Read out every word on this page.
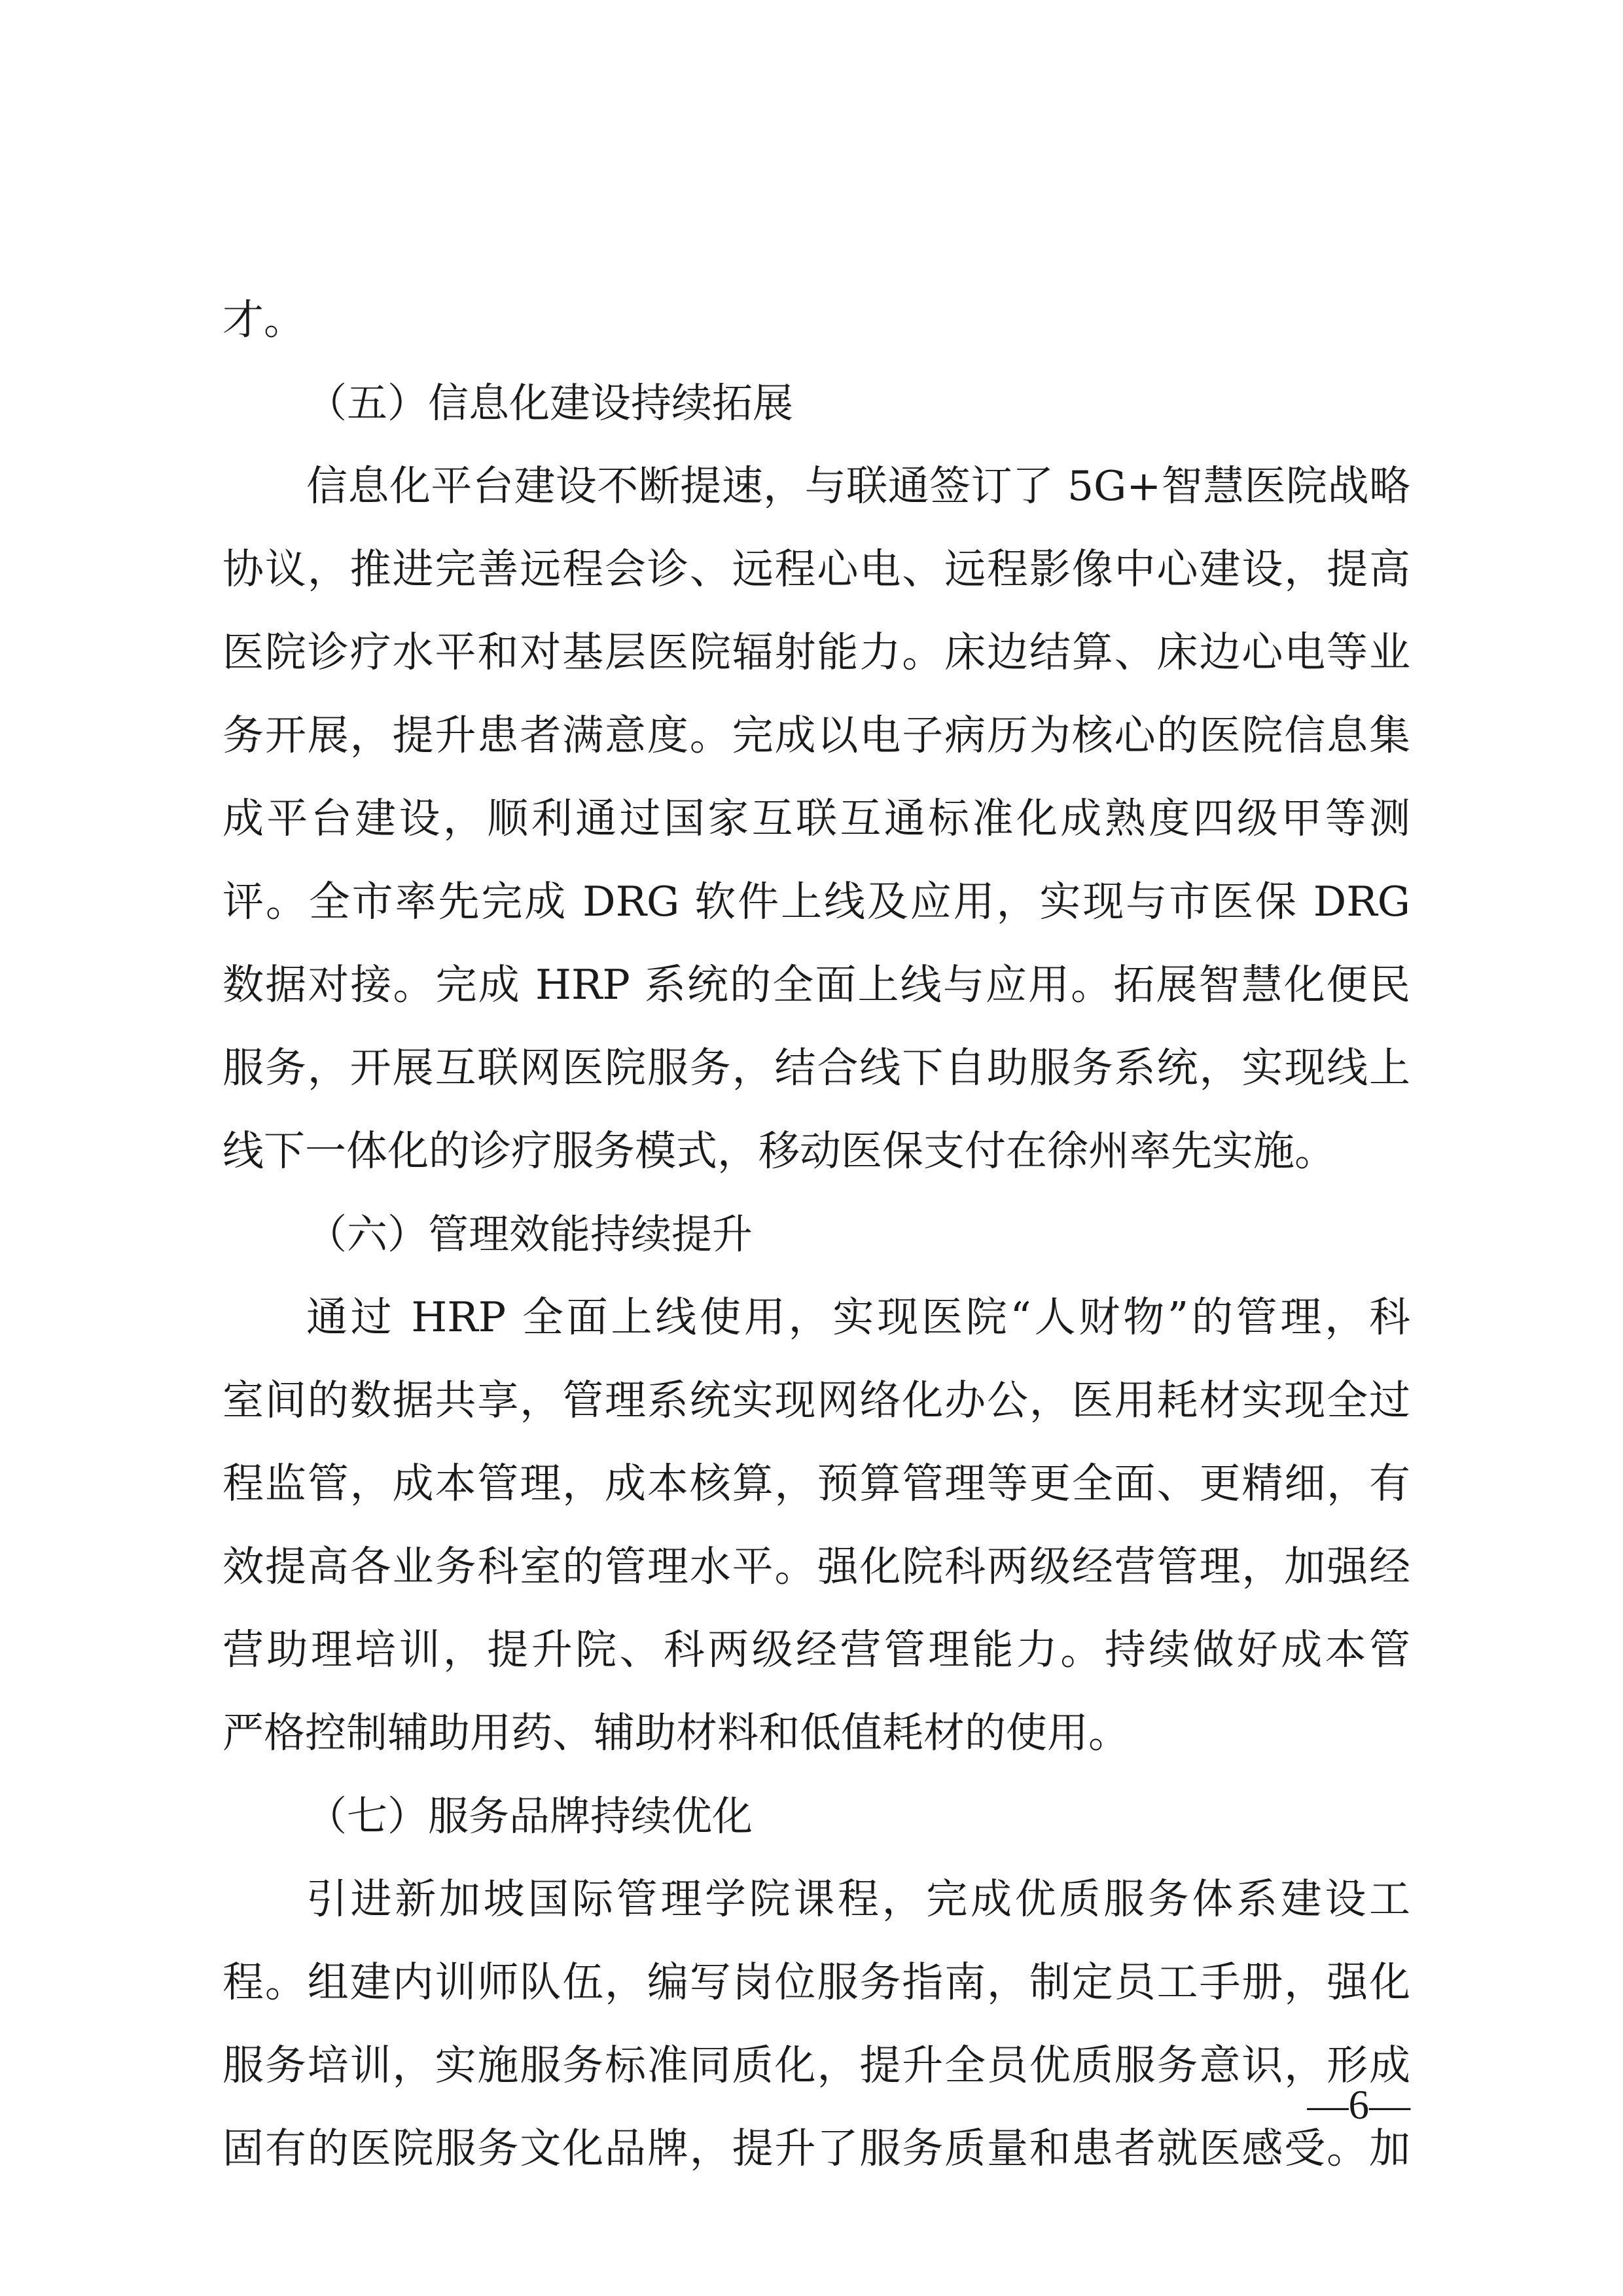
才。
（五）信息化建设持续拓展
信息化平台建设不断提速，与联通签订了 5G+智慧医院战略
协议，推进完善远程会诊、远程心电、远程影像中心建设，提高
医院诊疗水平和对基层医院辐射能力。床边结算、床边心电等业
务开展，提升患者满意度。完成以电子病历为核心的医院信息集
成平台建设，顺利通过国家互联互通标准化成熟度四级甲等测
评。全市率先完成 DRG 软件上线及应用，实现与市医保 DRG
数据对接。完成 HRP 系统的全面上线与应用。拓展智慧化便民
服务，开展互联网医院服务，结合线下自助服务系统，实现线上
线下一体化的诊疗服务模式，移动医保支付在徐州率先实施。
（六）管理效能持续提升
通过 HRP 全面上线使用，实现医院“人财物”的管理，科
室间的数据共享，管理系统实现网络化办公，医用耗材实现全过
程监管，成本管理，成本核算，预算管理等更全面、更精细，有
效提高各业务科室的管理水平。强化院科两级经营管理，加强经
营助理培训，提升院、科两级经营管理能力。持续做好成本管
严格控制辅助用药、辅助材料和低值耗材的使用。
（七）服务品牌持续优化
引进新加坡国际管理学院课程，完成优质服务体系建设工
程。组建内训师队伍，编写岗位服务指南，制定员工手册，强化
服务培训，实施服务标准同质化，提升全员优质服务意识，形成
固有的医院服务文化品牌，提升了服务质量和患者就医感受。加
—6—
